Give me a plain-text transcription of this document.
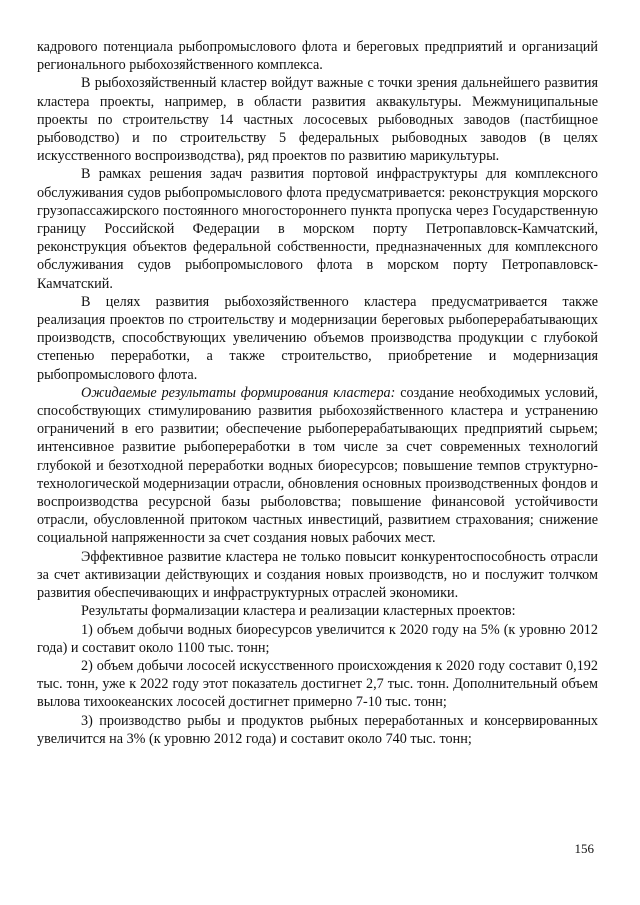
кадрового потенциала рыбопромыслового флота и береговых предприятий и организаций регионального рыбохозяйственного комплекса.

В рыбохозяйственный кластер войдут важные с точки зрения дальнейшего развития кластера проекты, например, в области развития аквакультуры. Межмуниципальные проекты по строительству 14 частных лососевых рыбоводных заводов (пастбищное рыбоводство) и по строительству 5 федеральных рыбоводных заводов (в целях искусственного воспроизводства), ряд проектов по развитию марикультуры.

В рамках решения задач развития портовой инфраструктуры для комплексного обслуживания судов рыбопромыслового флота предусматривается: реконструкция морского грузопассажирского постоянного многостороннего пункта пропуска через Государственную границу Российской Федерации в морском порту Петропавловск-Камчатский, реконструкция объектов федеральной собственности, предназначенных для комплексного обслуживания судов рыбопромыслового флота в морском порту Петропавловск-Камчатский.

В целях развития рыбохозяйственного кластера предусматривается также реализация проектов по строительству и модернизации береговых рыбоперерабатывающих производств, способствующих увеличению объемов производства продукции с глубокой степенью переработки, а также строительство, приобретение и модернизация рыбопромыслового флота.

Ожидаемые результаты формирования кластера: создание необходимых условий, способствующих стимулированию развития рыбохозяйственного кластера и устранению ограничений в его развитии; обеспечение рыбоперерабатывающих предприятий сырьем; интенсивное развитие рыбопереработки в том числе за счет современных технологий глубокой и безотходной переработки водных биоресурсов; повышение темпов структурно-технологической модернизации отрасли, обновления основных производственных фондов и воспроизводства ресурсной базы рыболовства; повышение финансовой устойчивости отрасли, обусловленной притоком частных инвестиций, развитием страхования; снижение социальной напряженности за счет создания новых рабочих мест.

Эффективное развитие кластера не только повысит конкурентоспособность отрасли за счет активизации действующих и создания новых производств, но и послужит толчком развития обеспечивающих и инфраструктурных отраслей экономики.

Результаты формализации кластера и реализации кластерных проектов:

1) объем добычи водных биоресурсов увеличится к 2020 году на 5% (к уровню 2012 года) и составит около 1100 тыс. тонн;

2) объем добычи лососей искусственного происхождения к 2020 году составит 0,192 тыс. тонн, уже к 2022 году этот показатель достигнет 2,7 тыс. тонн. Дополнительный объем вылова тихоокеанских лососей достигнет примерно 7-10 тыс. тонн;

3) производство рыбы и продуктов рыбных переработанных и консервированных увеличится на 3% (к уровню 2012 года) и составит около 740 тыс. тонн;

156
